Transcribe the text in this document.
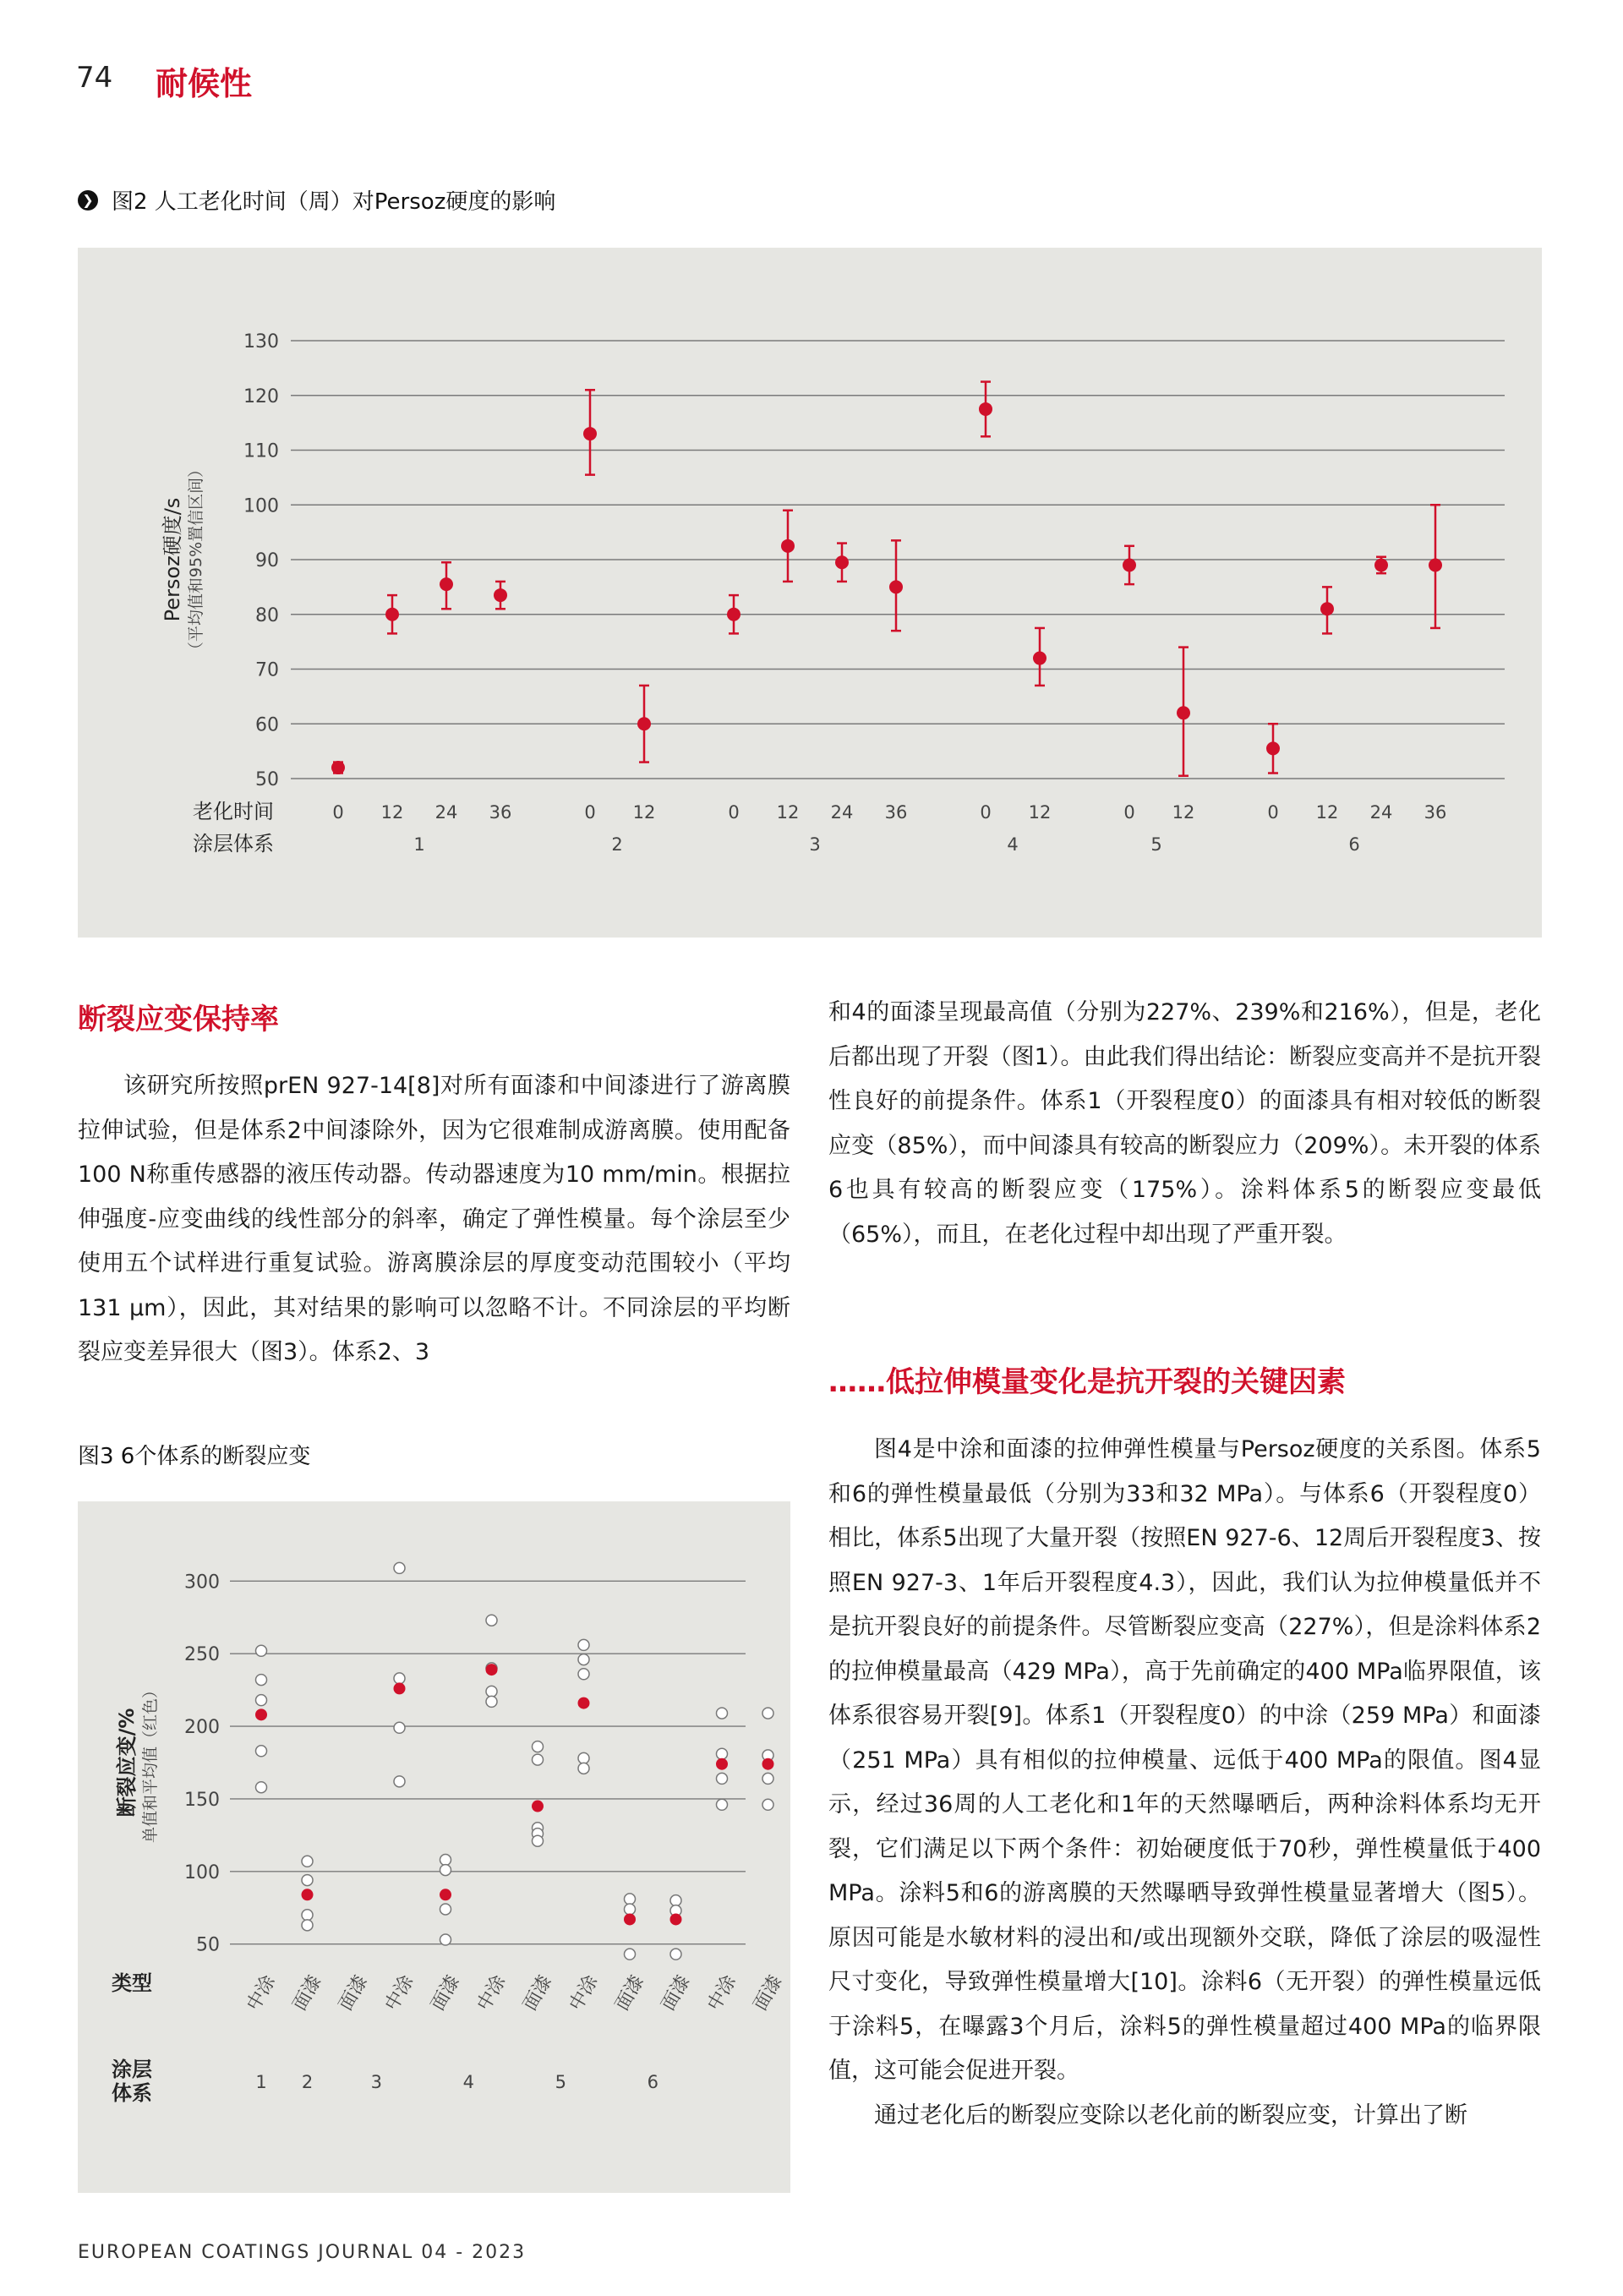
74 耐候性
❯ 图2 人工老化时间（周）对Persoz硬度的影响
50
60
70
80
90
100
110
120
130
Persoz硬度/s （平均值和95%置信区间）
老化时间
涂层体系
0 12 24 36
1
0 12
2
0 12 24 36
3
0 12
4
0 12
5
0 12 24 36
6
断裂应变保持率

该研究所按照prEN 927-14[8]对所有面漆和中间漆进行了游离膜拉伸试验，但是体系2中间漆除外，因为它很难制成游离膜。使用配备100 N称重传感器的液压传动器。传动器速度为10 mm/min。根据拉伸强度-应变曲线的线性部分的斜率，确定了弹性模量。每个涂层至少使用五个试样进行重复试验。游离膜涂层的厚度变动范围较小（平均131 μm），因此，其对结果的影响可以忽略不计。不同涂层的平均断裂应变差异很大（图3）。体系2、3

图3 6个体系的断裂应变
50
100
150
200
250
300
断裂应变/% 单值和平均值（红色）
类型
涂层
体系
中涂 面漆 面漆 中涂 面漆 中涂 面漆 中涂 面漆 面漆 中涂 面漆
1 2	3	4	5	6

和4的面漆呈现最高值（分别为227%、239%和216%），但是，老化后都出现了开裂（图1）。由此我们得出结论：断裂应变高并不是抗开裂性良好的前提条件。体系1（开裂程度0）的面漆具有相对较低的断裂应变（85%），而中间漆具有较高的断裂应力（209%）。未开裂的体系6也具有较高的断裂应变（175%）。涂料体系5的断裂应变最低（65%），而且，在老化过程中却出现了严重开裂。

……低拉伸模量变化是抗开裂的关键因素

图4是中涂和面漆的拉伸弹性模量与Persoz硬度的关系图。体系5和6的弹性模量最低（分别为33和32 MPa）。与体系6（开裂程度0）相比，体系5出现了大量开裂（按照EN 927-6、12周后开裂程度3、按照EN 927-3、1年后开裂程度4.3），因此，我们认为拉伸模量低并不是抗开裂良好的前提条件。尽管断裂应变高（227%），但是涂料体系2的拉伸模量最高（429 MPa），高于先前确定的400 MPa临界限值，该体系很容易开裂[9]。体系1（开裂程度0）的中涂（259 MPa）和面漆（251 MPa）具有相似的拉伸模量、远低于400 MPa的限值。图4显示，经过36周的人工老化和1年的天然曝晒后，两种涂料体系均无开裂，它们满足以下两个条件：初始硬度低于70秒，弹性模量低于400 MPa。涂料5和6的游离膜的天然曝晒导致弹性模量显著增大（图5）。原因可能是水敏材料的浸出和/或出现额外交联，降低了涂层的吸湿性尺寸变化，导致弹性模量增大[10]。涂料6（无开裂）的弹性模量远低于涂料5，在曝露3个月后，涂料5的弹性模量超过400 MPa的临界限值，这可能会促进开裂。

通过老化后的断裂应变除以老化前的断裂应变，计算出了断

EUROPEAN COATINGS JOURNAL 04 - 2023
